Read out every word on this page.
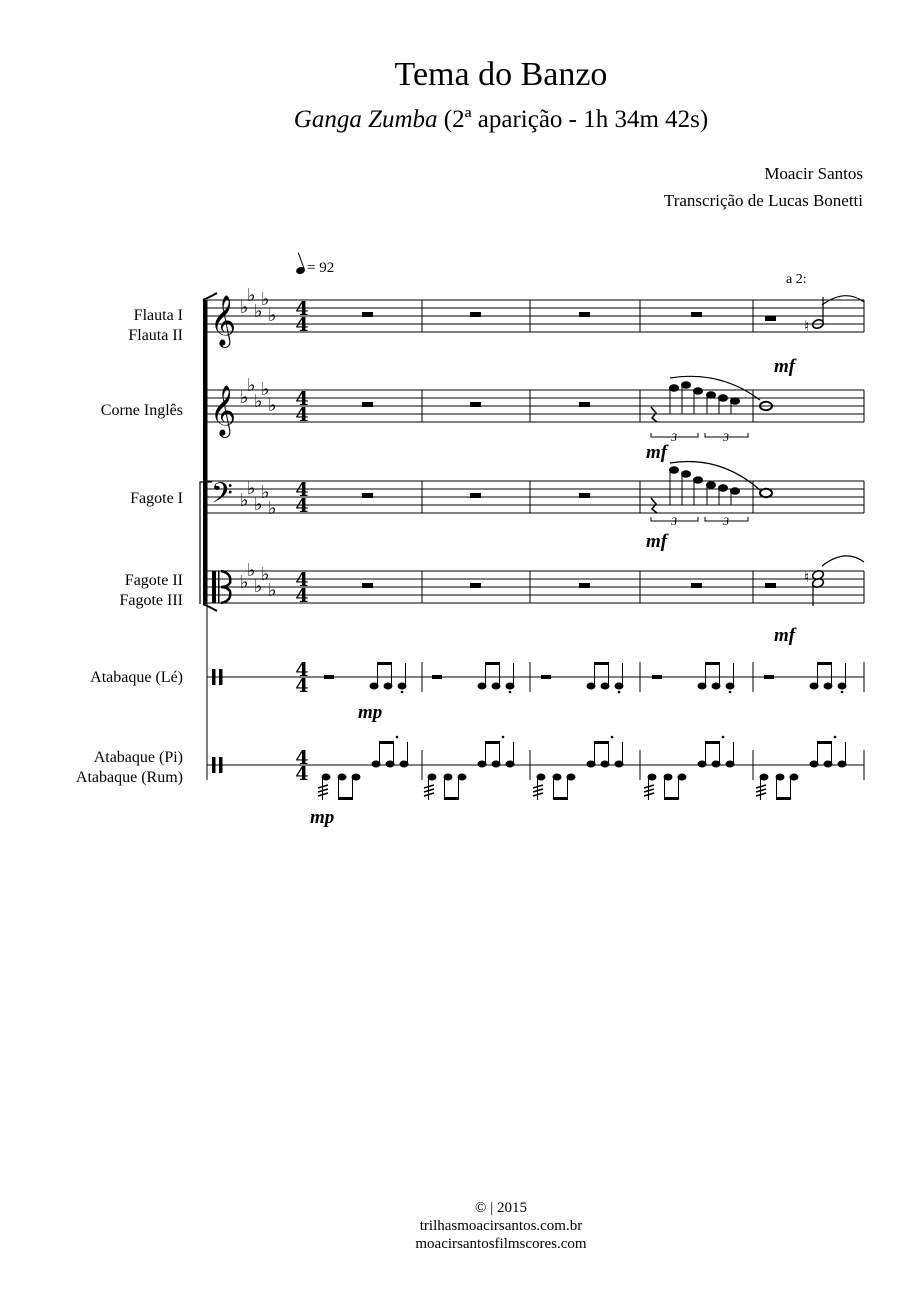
Tema do Banzo
Ganga Zumba (2ª aparição - 1h 34m 42s)
Moacir Santos
Transcrição de Lucas Bonetti
= 92
a 2:
Flauta I
Flauta II
Corne Inglês
Fagote I
Fagote II
Fagote III
Atabaque (Lé)
Atabaque (Pi)
Atabaque (Rum)
𝄞
𝄞
𝄢
♭
♭
♭
♭
♭
♭
♭
♭
♭
♭
♭
♭
♭
♭
♭
♭
♭
♭
♭
♭
4
4
4
4
4
4
4
4
4
4
4
4
♮
3	3
3	3
♮
mf
mf
mf
mf
mp
mp
© | 2015
trilhasmoacirsantos.com.br
moacirsantosfilmscores.com
